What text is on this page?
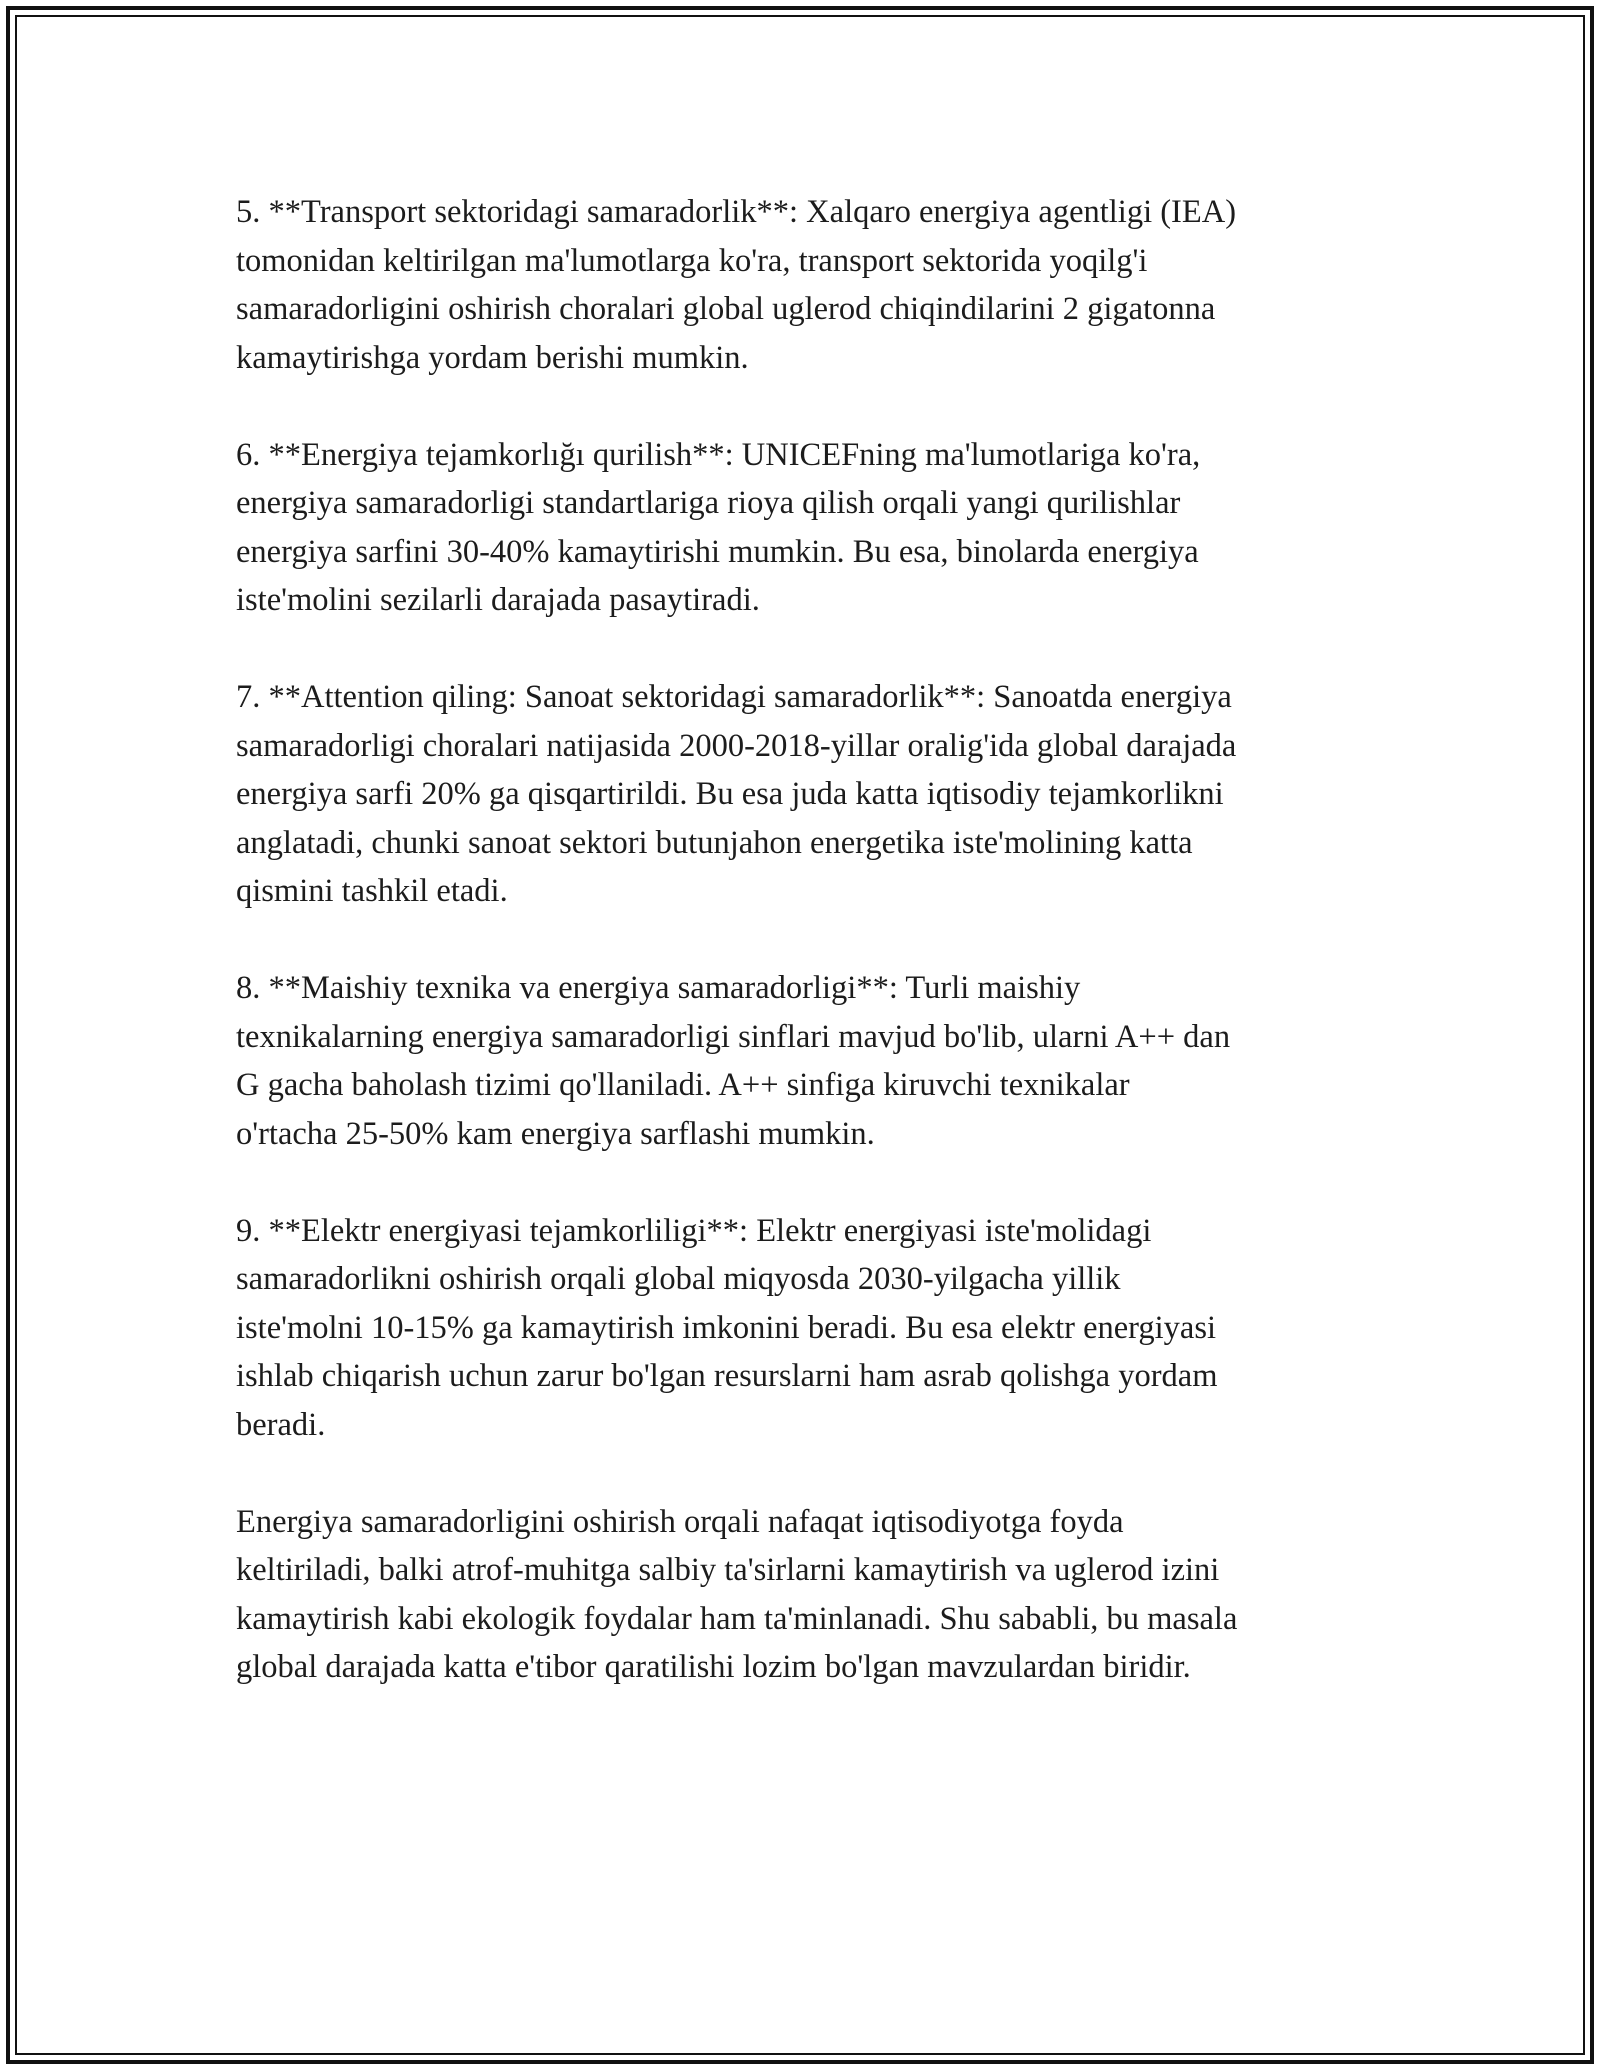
5. **Transport sektoridagi samaradorlik**: Xalqaro energiya agentligi (IEA)
tomonidan keltirilgan ma'lumotlarga ko'ra, transport sektorida yoqilg'i
samaradorligini oshirish choralari global uglerod chiqindilarini 2 gigatonna
kamaytirishga yordam berishi mumkin.

6. **Energiya tejamkorlığı qurilish**: UNICEFning ma'lumotlariga ko'ra,
energiya samaradorligi standartlariga rioya qilish orqali yangi qurilishlar
energiya sarfini 30-40% kamaytirishi mumkin. Bu esa, binolarda energiya
iste'molini sezilarli darajada pasaytiradi.

7. **Attention qiling: Sanoat sektoridagi samaradorlik**: Sanoatda energiya
samaradorligi choralari natijasida 2000-2018-yillar oralig'ida global darajada
energiya sarfi 20% ga qisqartirildi. Bu esa juda katta iqtisodiy tejamkorlikni
anglatadi, chunki sanoat sektori butunjahon energetika iste'molining katta
qismini tashkil etadi.

8. **Maishiy texnika va energiya samaradorligi**: Turli maishiy
texnikalarning energiya samaradorligi sinflari mavjud bo'lib, ularni A++ dan
G gacha baholash tizimi qo'llaniladi. A++ sinfiga kiruvchi texnikalar
o'rtacha 25-50% kam energiya sarflashi mumkin.

9. **Elektr energiyasi tejamkorliligi**: Elektr energiyasi iste'molidagi
samaradorlikni oshirish orqali global miqyosda 2030-yilgacha yillik
iste'molni 10-15% ga kamaytirish imkonini beradi. Bu esa elektr energiyasi
ishlab chiqarish uchun zarur bo'lgan resurslarni ham asrab qolishga yordam
beradi.

Energiya samaradorligini oshirish orqali nafaqat iqtisodiyotga foyda
keltiriladi, balki atrof-muhitga salbiy ta'sirlarni kamaytirish va uglerod izini
kamaytirish kabi ekologik foydalar ham ta'minlanadi. Shu sababli, bu masala
global darajada katta e'tibor qaratilishi lozim bo'lgan mavzulardan biridir.
